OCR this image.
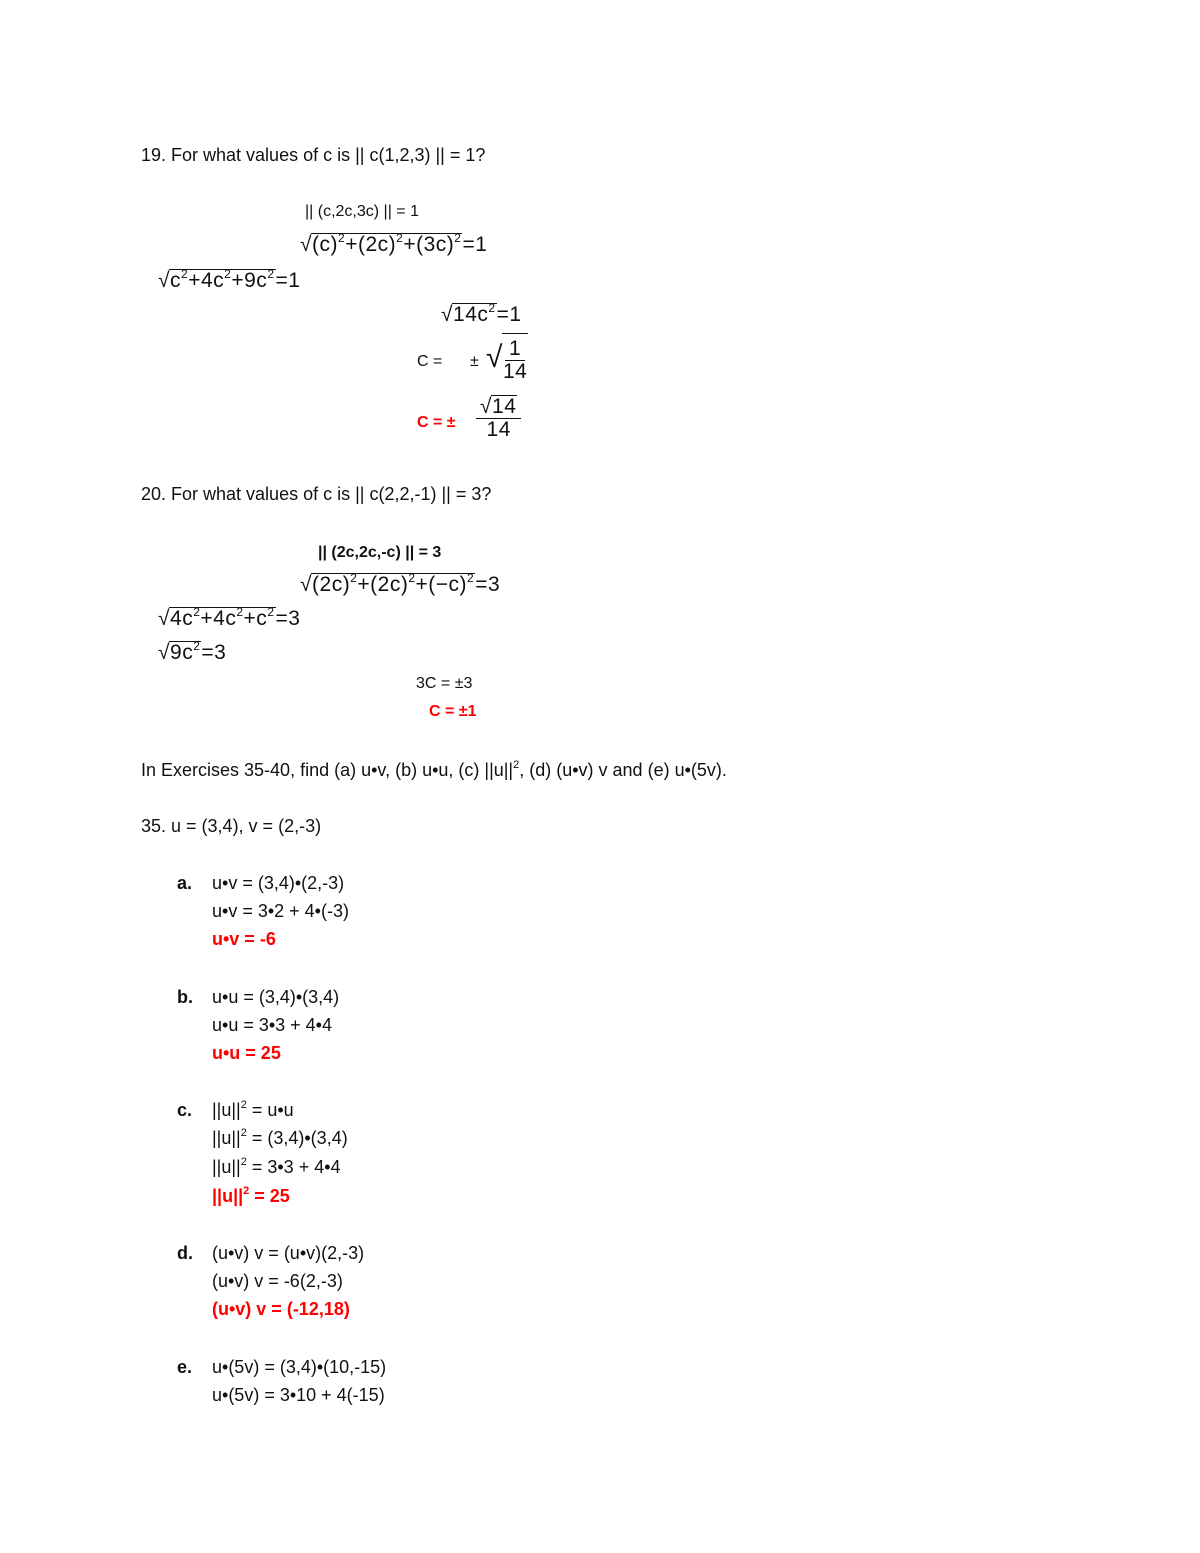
19. For what values of c is || c(1,2,3) || = 1?
|| (c,2c,3c) || = 1
$√(c)^2+(2c)^2+(3c)^2=1$
$√c^2+4c^2+9c^2=1$
$√14c^2=1$
C = ± √ $\frac{1}{14}$
C = ± $\frac{√14}{14}$
20. For what values of c is || c(2,2,-1) || = 3?
|| (2c,2c,-c) || = 3
$√(2c)^2+(2c)^2+(-c)^2=3$
$√4c^2+4c^2+c^2=3$
$√9c^2=3$
3C = ±3
C = ±1
In Exercises 35-40, find (a) u•v, (b) u•u, (c) $||u||^2$, (d) (u•v) v and (e) u•(5v).
35. u = (3,4), v = (2,-3)
a. u•v = (3,4)•(2,-3)
u•v = 3•2 + 4•(-3)
u•v = -6
b. u•u = (3,4)•(3,4)
u•u = 3•3 + 4•4
u•u = 25
c. $||u||^2$ = u•u
$||u||^2$ = (3,4)•(3,4)
$||u||^2$ = 3•3 + 4•4
$||u||^2 = 25$
d. (u•v) v = (u•v)(2,-3)
(u•v) v = -6(2,-3)
(u•v) v = (-12,18)
e. u•(5v) = (3,4)•(10,-15)
u•(5v) = 3•10 + 4(-15)
